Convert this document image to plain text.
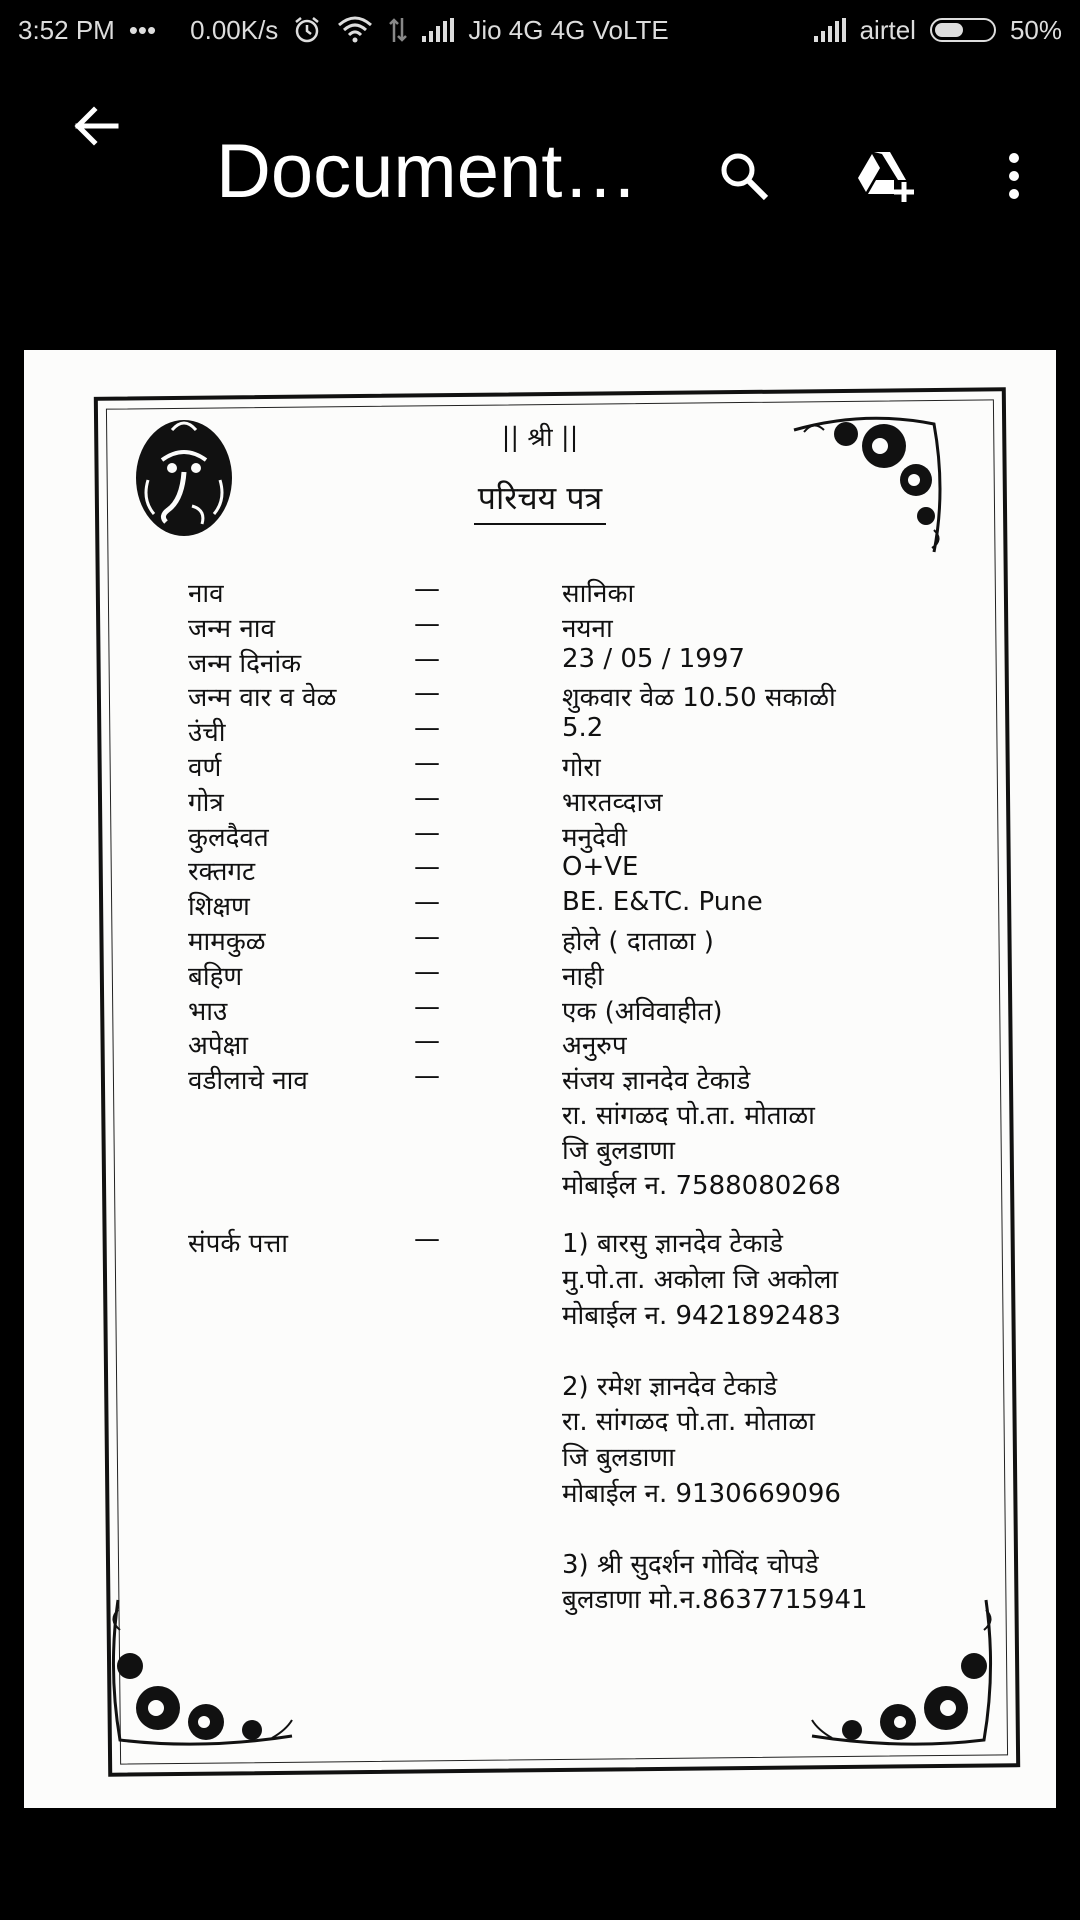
3:52 PM ••• 0.00K/s	Jio 4G 4G VoLTE	airtel	50%
Document…
|| श्री ||
परिचय पत्र
नाव	—	सानिका
जन्म नाव	—	नयना
जन्म दिनांक	—	23 / 05 / 1997
जन्म वार व वेळ	—	शुकवार वेळ 10.50 सकाळी
उंची	—	5.2
वर्ण	—	गोरा
गोत्र	—	भारतव्दाज
कुलदैवत	—	मनुदेवी
रक्तगट	—	O+VE
शिक्षण	—	BE. E&TC. Pune
मामकुळ	—	होले ( दाताळा )
बहिण	—	नाही
भाउ	—	एक (अविवाहीत)
अपेक्षा	—	अनुरुप
वडीलाचे नाव	—	संजय ज्ञानदेव टेकाडे
रा. सांगळद पो.ता. मोताळा
जि बुलडाणा
मोबाईल न. 7588080268
संपर्क पत्ता	—	1) बारसु ज्ञानदेव टेकाडे
मु.पो.ता. अकोला जि अकोला
मोबाईल न. 9421892483
2) रमेश ज्ञानदेव टेकाडे
रा. सांगळद पो.ता. मोताळा
जि बुलडाणा
मोबाईल न. 9130669096
3) श्री सुदर्शन गोविंद चोपडे
बुलडाणा मो.न.8637715941
